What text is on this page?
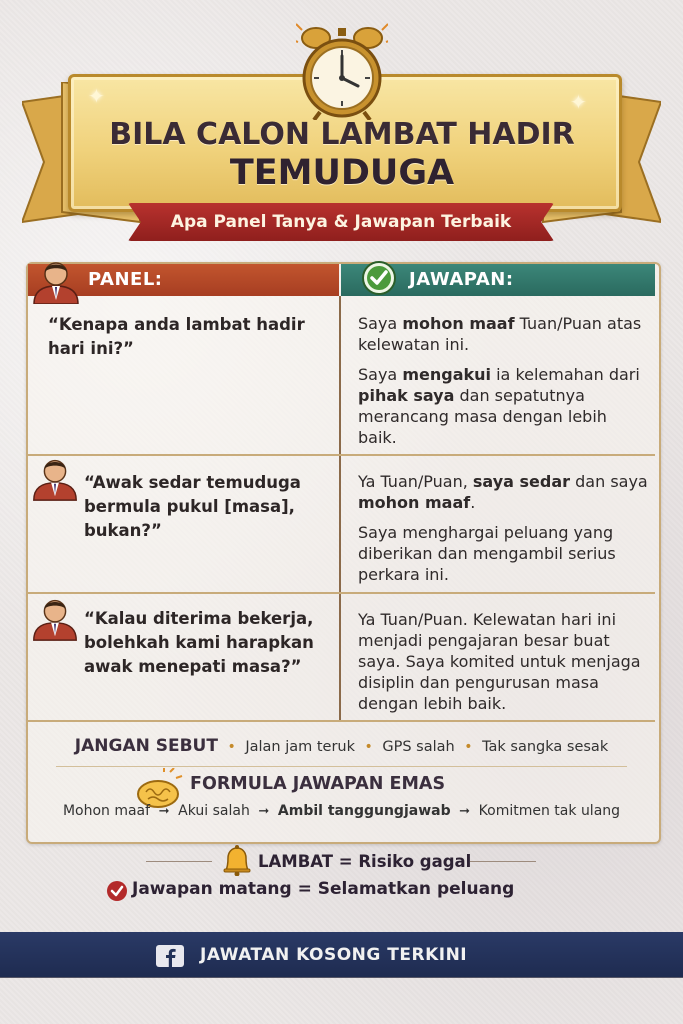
✦	✦
BILA CALON LAMBAT HADIR
TEMUDUGA
Apa Panel Tanya & Jawapan Terbaik
PANEL:	JAWAPAN:
“Kenapa anda lambat hadir hari ini?”
Saya mohon maaf Tuan/Puan atas kelewatan ini.
Saya mengakui ia kelemahan dari pihak saya dan sepatutnya merancang masa dengan lebih baik.
“Awak sedar temuduga bermula pukul [masa], bukan?”
Ya Tuan/Puan, saya sedar dan saya mohon maaf.
Saya menghargai peluang yang diberikan dan mengambil serius perkara ini.
“Kalau diterima bekerja, bolehkah kami harapkan awak menepati masa?”
Ya Tuan/Puan. Kelewatan hari ini menjadi pengajaran besar buat saya. Saya komited untuk menjaga disiplin dan pengurusan masa dengan lebih baik.
JANGAN SEBUT  •  Jalan jam teruk  •  GPS salah  •  Tak sangka sesak
FORMULA JAWAPAN EMAS
Mohon maaf  ➞  Akui salah  ➞  Ambil tanggungjawab  ➞  Komitmen tak ulang
LAMBAT = Risiko gagal
Jawapan matang = Selamatkan peluang
JAWATAN KOSONG TERKINI
